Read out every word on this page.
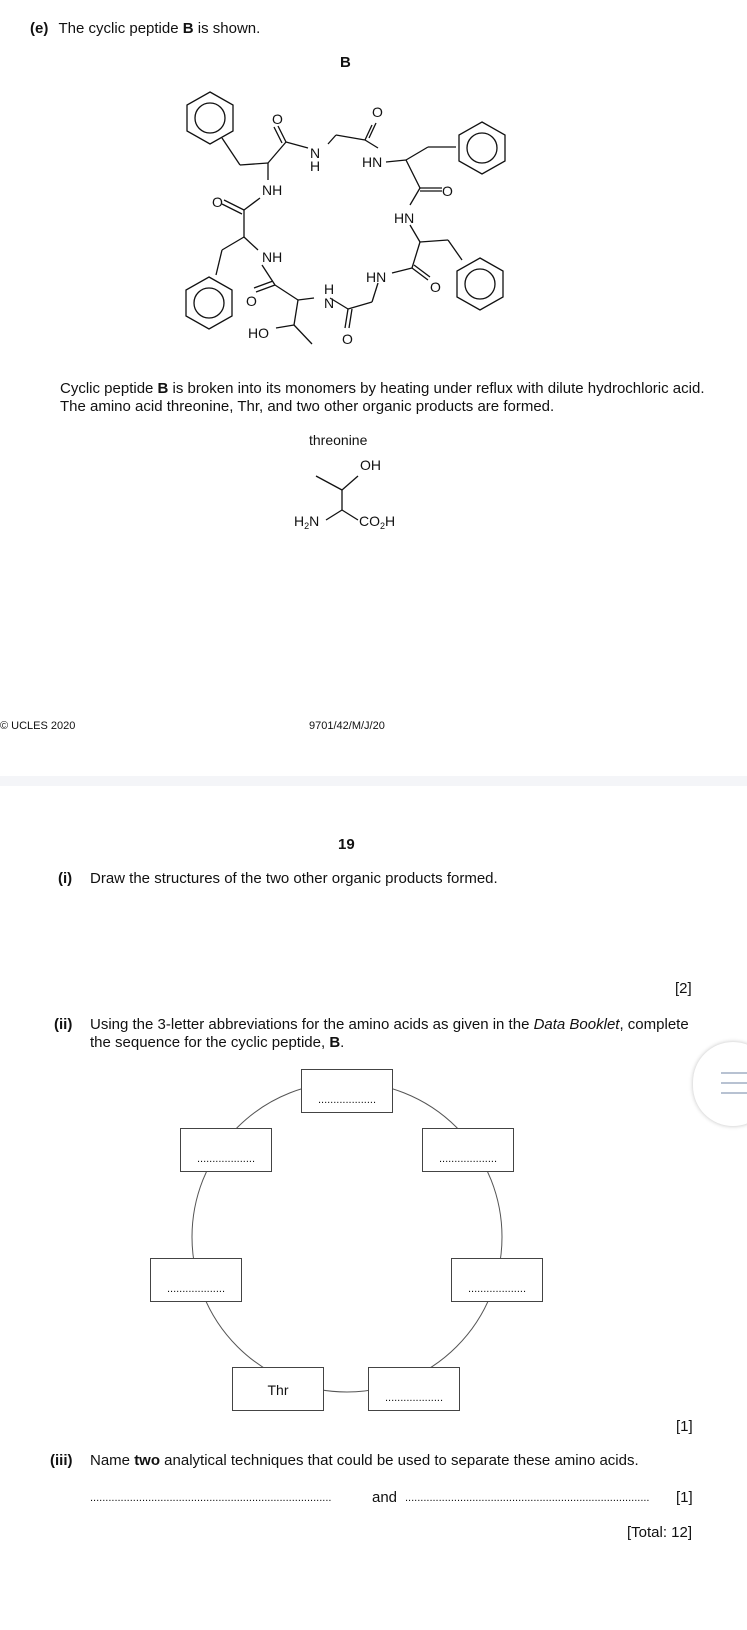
(e) The cyclic peptide B is shown.
B
O
N
H
O
HN
O
NH
O
HN
NH
HN
O
O
H
N
O
HO
Cyclic peptide B is broken into its monomers by heating under reflux with dilute hydrochloric acid.
The amino acid threonine, Thr, and two other organic products are formed.
threonine
OH
$H_2N$	$CO_2H$
© UCLES 2020	9701/42/M/J/20
19
(i) Draw the structures of the two other organic products formed.
[2]
(ii) Using the 3-letter abbreviations for the amino acids as given in the Data Booklet, complete
the sequence for the cyclic peptide, B.
...................
...................	...................
...................	...................
Thr	...................
[1]
(iii) Name two analytical techniques that could be used to separate these amino acids.
...............................................................................	and ................................................................................	[1]
[Total: 12]
